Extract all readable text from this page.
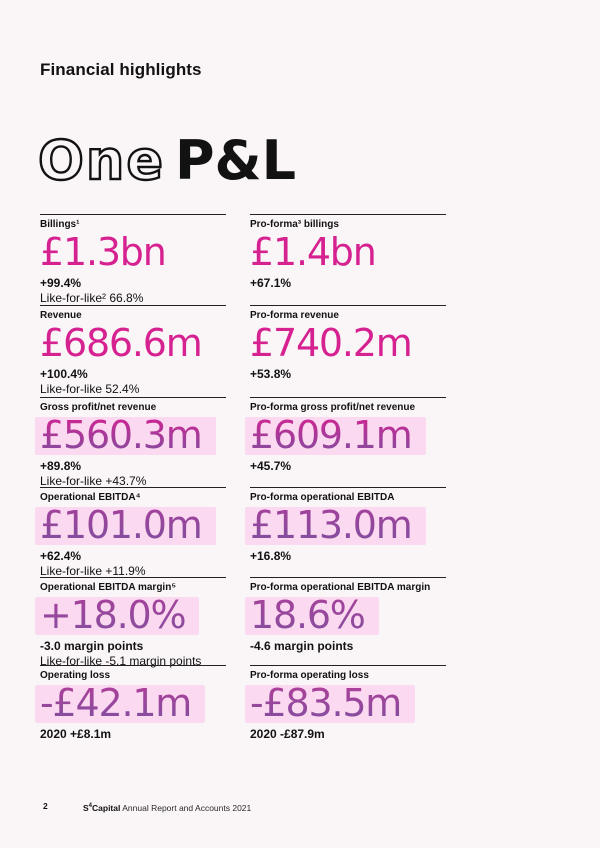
Financial highlights
One P&L
Billings¹
£1.3bn
+99.4%
Like-for-like² 66.8%
Pro-forma³ billings
£1.4bn
+67.1%
Revenue
£686.6m
+100.4%
Like-for-like 52.4%
Pro-forma revenue
£740.2m
+53.8%
Gross profit/net revenue
£560.3m
+89.8%
Like-for-like +43.7%
Pro-forma gross profit/net revenue
£609.1m
+45.7%
Operational EBITDA⁴
£101.0m
+62.4%
Like-for-like +11.9%
Pro-forma operational EBITDA
£113.0m
+16.8%
Operational EBITDA margin⁵
+18.0%
-3.0 margin points
Like-for-like -5.1 margin points
Pro-forma operational EBITDA margin
18.6%
-4.6 margin points
Operating loss
-£42.1m
2020 +£8.1m
Pro-forma operating loss
-£83.5m
2020 -£87.9m
2	$S^4Capital$ Annual Report and Accounts 2021
